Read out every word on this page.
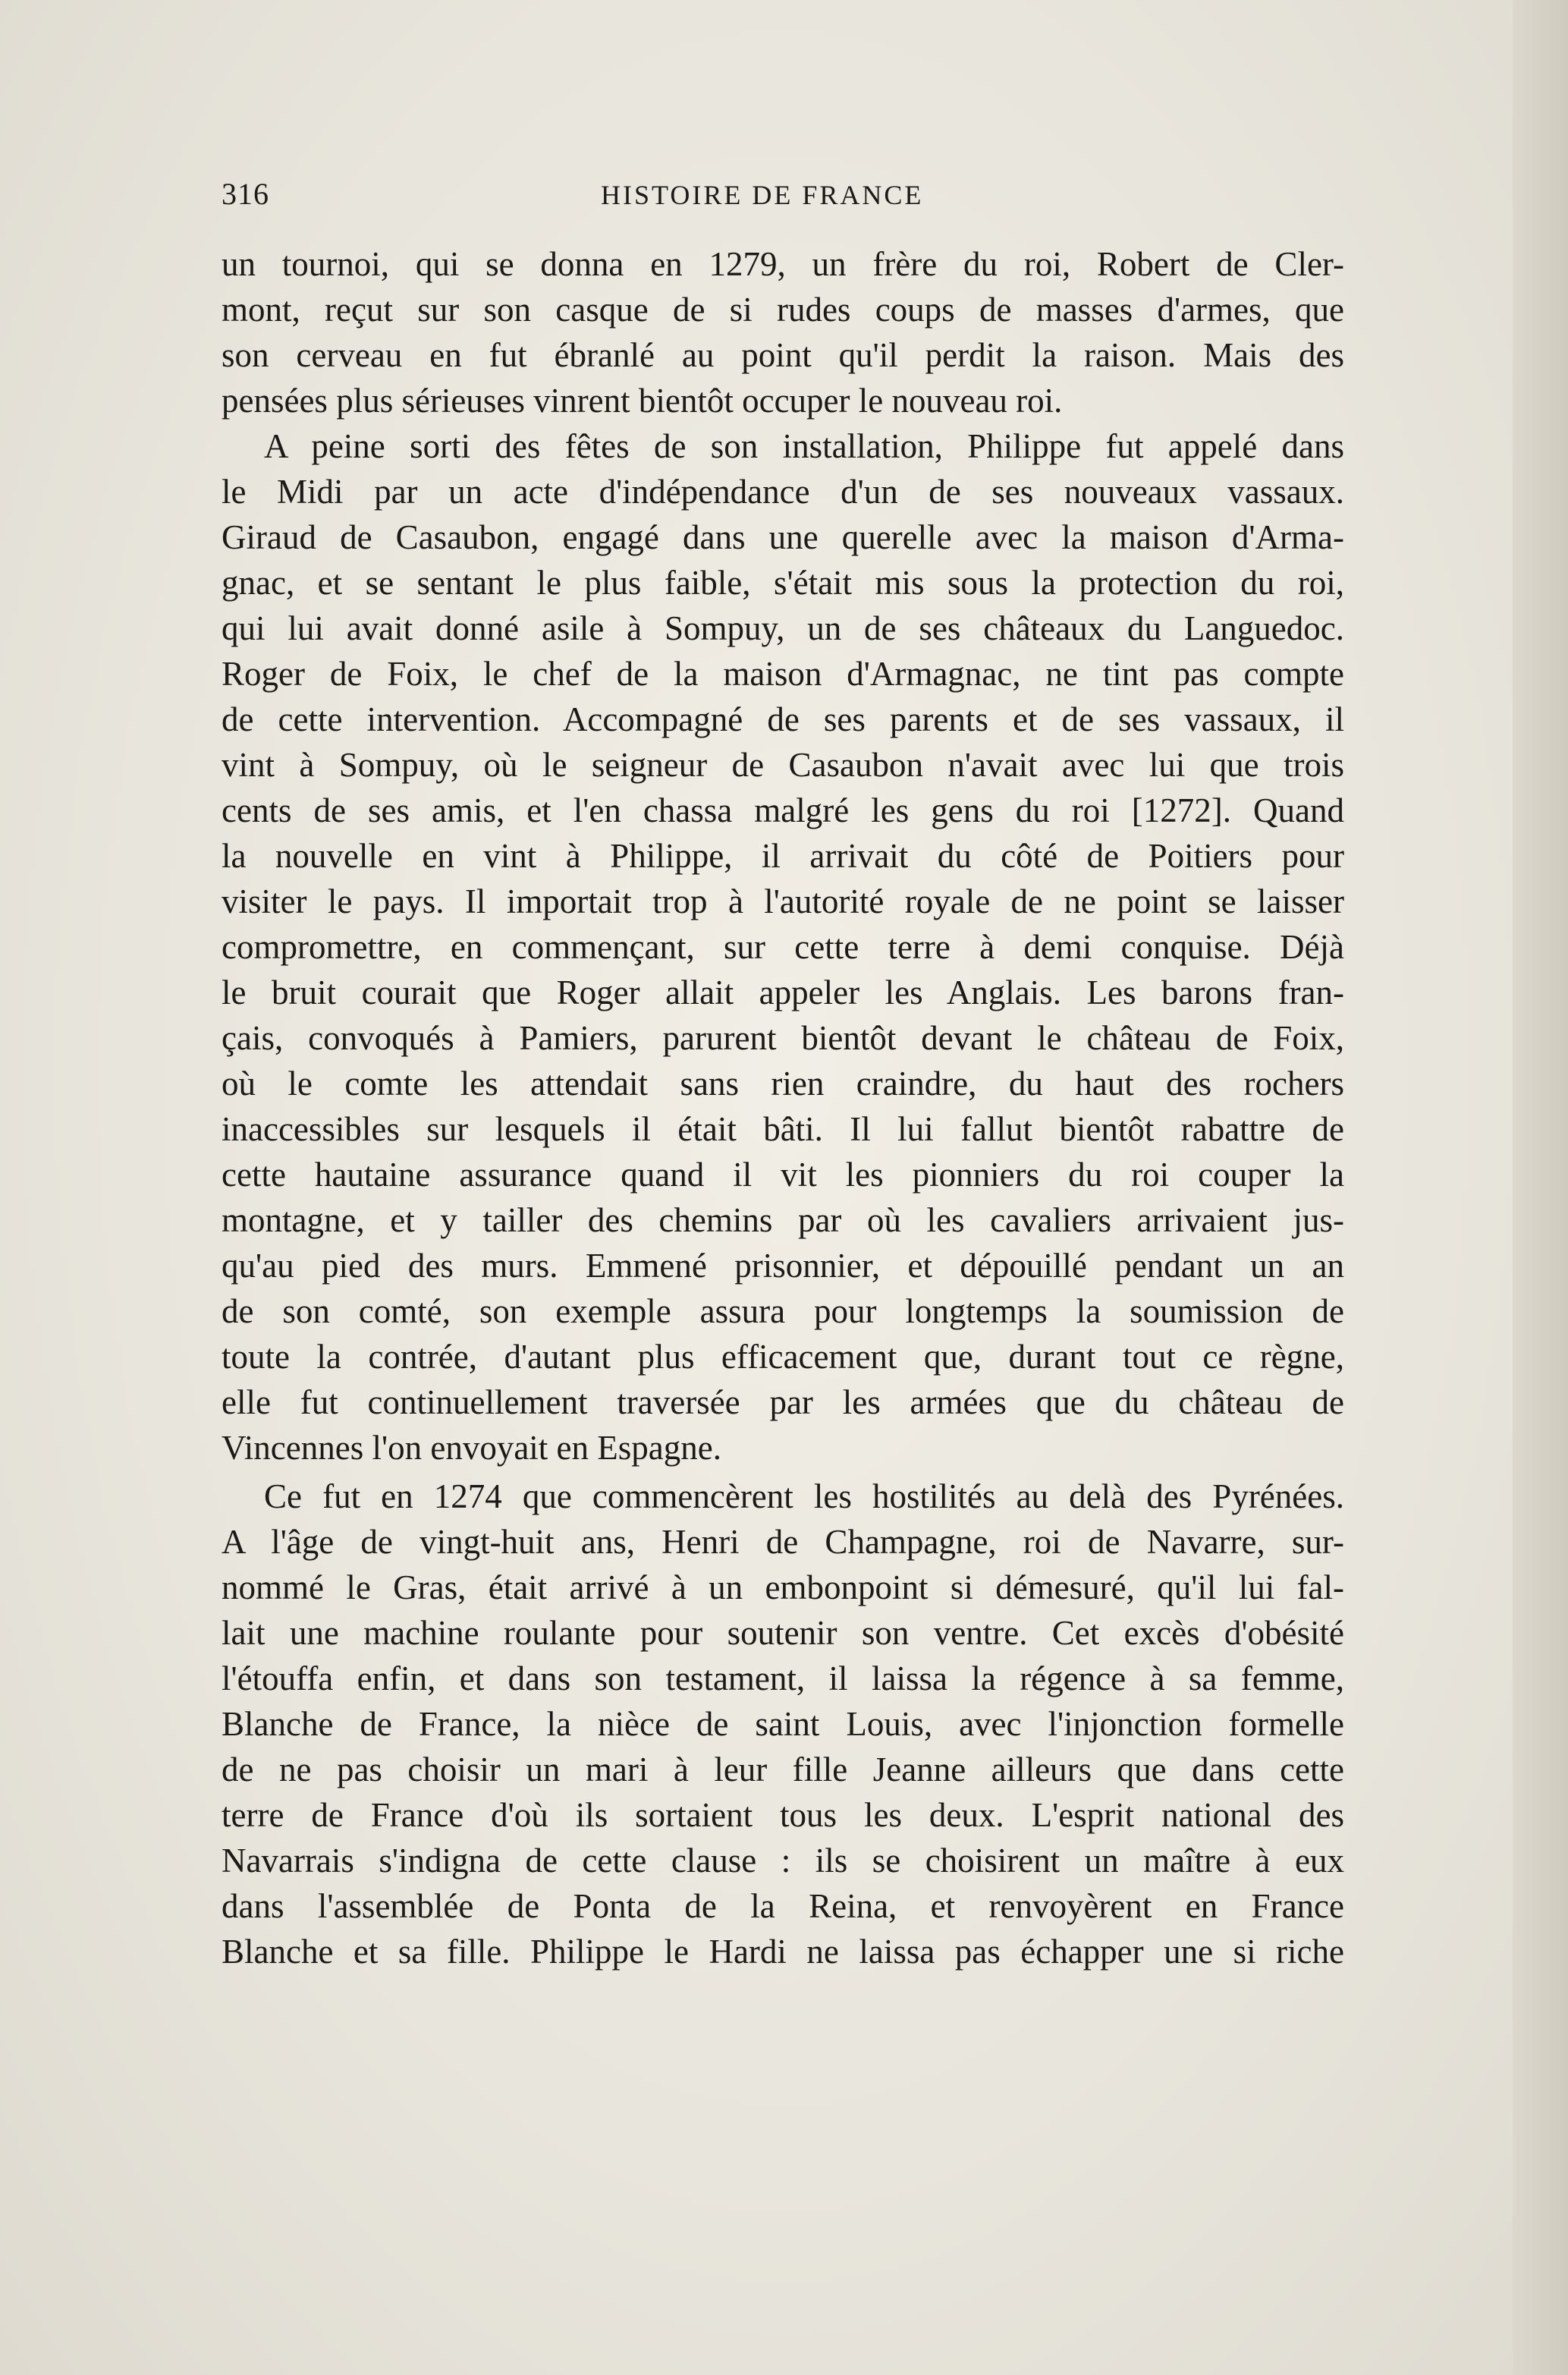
316	HISTOIRE DE FRANCE
un tournoi, qui se donna en 1279, un frère du roi, Robert de Cler-
mont, reçut sur son casque de si rudes coups de masses d'armes, que
son cerveau en fut ébranlé au point qu'il perdit la raison. Mais des
pensées plus sérieuses vinrent bientôt occuper le nouveau roi.
A peine sorti des fêtes de son installation, Philippe fut appelé dans
le Midi par un acte d'indépendance d'un de ses nouveaux vassaux.
Giraud de Casaubon, engagé dans une querelle avec la maison d'Arma-
gnac, et se sentant le plus faible, s'était mis sous la protection du roi,
qui lui avait donné asile à Sompuy, un de ses châteaux du Languedoc.
Roger de Foix, le chef de la maison d'Armagnac, ne tint pas compte
de cette intervention. Accompagné de ses parents et de ses vassaux, il
vint à Sompuy, où le seigneur de Casaubon n'avait avec lui que trois
cents de ses amis, et l'en chassa malgré les gens du roi [1272]. Quand
la nouvelle en vint à Philippe, il arrivait du côté de Poitiers pour
visiter le pays. Il importait trop à l'autorité royale de ne point se laisser
compromettre, en commençant, sur cette terre à demi conquise. Déjà
le bruit courait que Roger allait appeler les Anglais. Les barons fran-
çais, convoqués à Pamiers, parurent bientôt devant le château de Foix,
où le comte les attendait sans rien craindre, du haut des rochers
inaccessibles sur lesquels il était bâti. Il lui fallut bientôt rabattre de
cette hautaine assurance quand il vit les pionniers du roi couper la
montagne, et y tailler des chemins par où les cavaliers arrivaient jus-
qu'au pied des murs. Emmené prisonnier, et dépouillé pendant un an
de son comté, son exemple assura pour longtemps la soumission de
toute la contrée, d'autant plus efficacement que, durant tout ce règne,
elle fut continuellement traversée par les armées que du château de
Vincennes l'on envoyait en Espagne.
Ce fut en 1274 que commencèrent les hostilités au delà des Pyrénées.
A l'âge de vingt-huit ans, Henri de Champagne, roi de Navarre, sur-
nommé le Gras, était arrivé à un embonpoint si démesuré, qu'il lui fal-
lait une machine roulante pour soutenir son ventre. Cet excès d'obésité
l'étouffa enfin, et dans son testament, il laissa la régence à sa femme,
Blanche de France, la nièce de saint Louis, avec l'injonction formelle
de ne pas choisir un mari à leur fille Jeanne ailleurs que dans cette
terre de France d'où ils sortaient tous les deux. L'esprit national des
Navarrais s'indigna de cette clause : ils se choisirent un maître à eux
dans l'assemblée de Ponta de la Reina, et renvoyèrent en France
Blanche et sa fille. Philippe le Hardi ne laissa pas échapper une si riche
